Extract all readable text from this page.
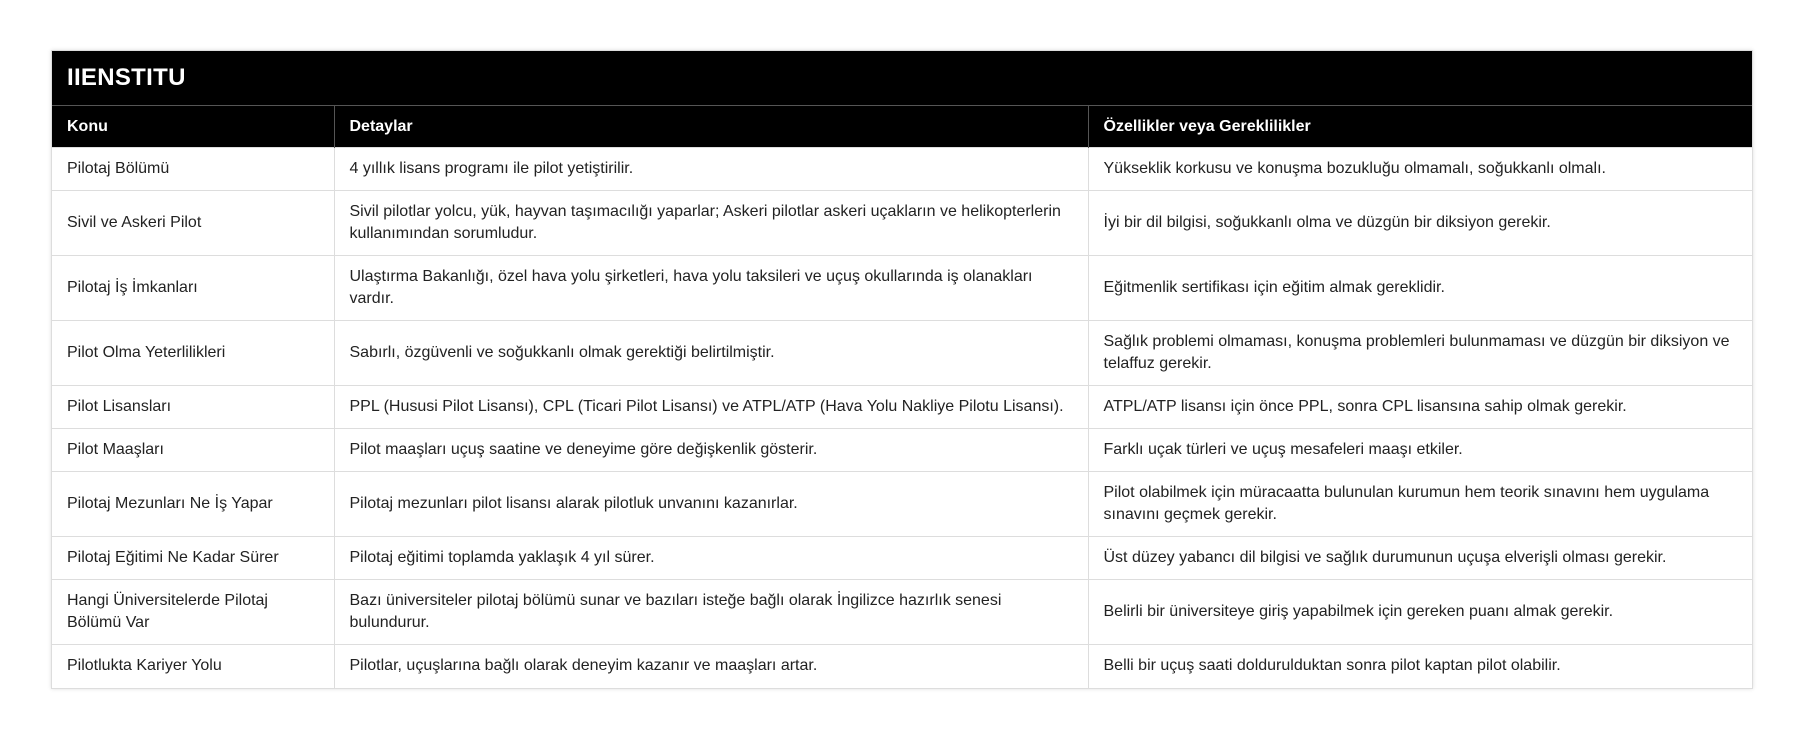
IIENSTITU
Konu	Detaylar	Özellikler veya Gereklilikler
Pilotaj Bölümü	4 yıllık lisans programı ile pilot yetiştirilir.	Yükseklik korkusu ve konuşma bozukluğu olmamalı, soğukkanlı olmalı.
Sivil ve Askeri Pilot	Sivil pilotlar yolcu, yük, hayvan taşımacılığı yaparlar; Askeri pilotlar askeri uçakların ve helikopterlerin kullanımından sorumludur.	İyi bir dil bilgisi, soğukkanlı olma ve düzgün bir diksiyon gerekir.
Pilotaj İş İmkanları	Ulaştırma Bakanlığı, özel hava yolu şirketleri, hava yolu taksileri ve uçuş okullarında iş olanakları vardır.	Eğitmenlik sertifikası için eğitim almak gereklidir.
Pilot Olma Yeterlilikleri	Sabırlı, özgüvenli ve soğukkanlı olmak gerektiği belirtilmiştir.	Sağlık problemi olmaması, konuşma problemleri bulunmaması ve düzgün bir diksiyon ve telaffuz gerekir.
Pilot Lisansları	PPL (Hususi Pilot Lisansı), CPL (Ticari Pilot Lisansı) ve ATPL/ATP (Hava Yolu Nakliye Pilotu Lisansı).	ATPL/ATP lisansı için önce PPL, sonra CPL lisansına sahip olmak gerekir.
Pilot Maaşları	Pilot maaşları uçuş saatine ve deneyime göre değişkenlik gösterir.	Farklı uçak türleri ve uçuş mesafeleri maaşı etkiler.
Pilotaj Mezunları Ne İş Yapar	Pilotaj mezunları pilot lisansı alarak pilotluk unvanını kazanırlar.	Pilot olabilmek için müracaatta bulunulan kurumun hem teorik sınavını hem uygulama sınavını geçmek gerekir.
Pilotaj Eğitimi Ne Kadar Sürer	Pilotaj eğitimi toplamda yaklaşık 4 yıl sürer.	Üst düzey yabancı dil bilgisi ve sağlık durumunun uçuşa elverişli olması gerekir.
Hangi Üniversitelerde Pilotaj Bölümü Var	Bazı üniversiteler pilotaj bölümü sunar ve bazıları isteğe bağlı olarak İngilizce hazırlık senesi bulundurur.	Belirli bir üniversiteye giriş yapabilmek için gereken puanı almak gerekir.
Pilotlukta Kariyer Yolu	Pilotlar, uçuşlarına bağlı olarak deneyim kazanır ve maaşları artar.	Belli bir uçuş saati doldurulduktan sonra pilot kaptan pilot olabilir.
